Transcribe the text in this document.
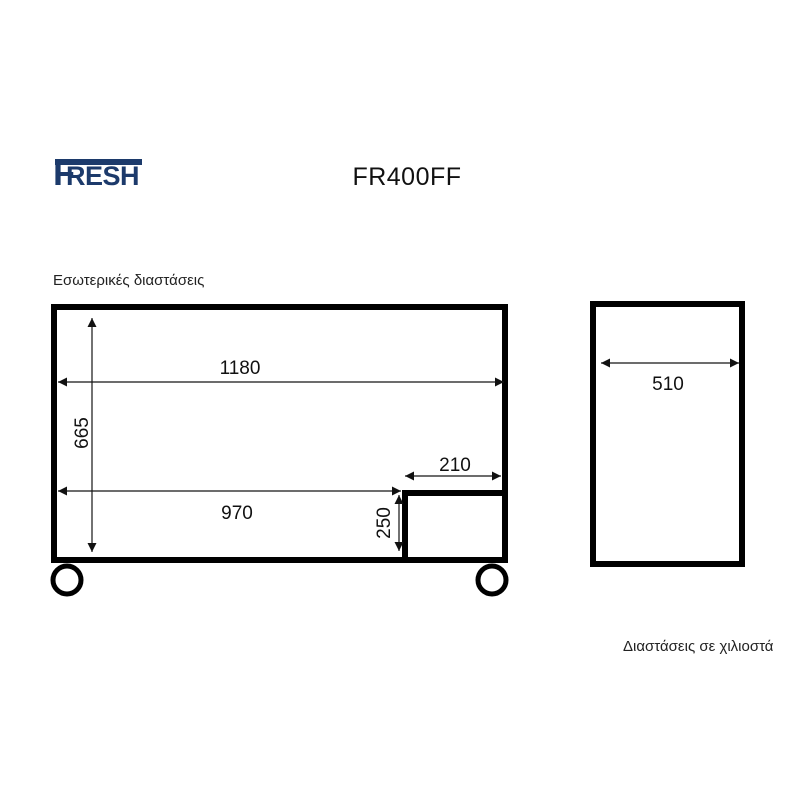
1180
665
970
210
250
510
F
RESH	FR400FF
Εσωτερικές διαστάσεις
Διαστάσεις σε χιλιοστά
